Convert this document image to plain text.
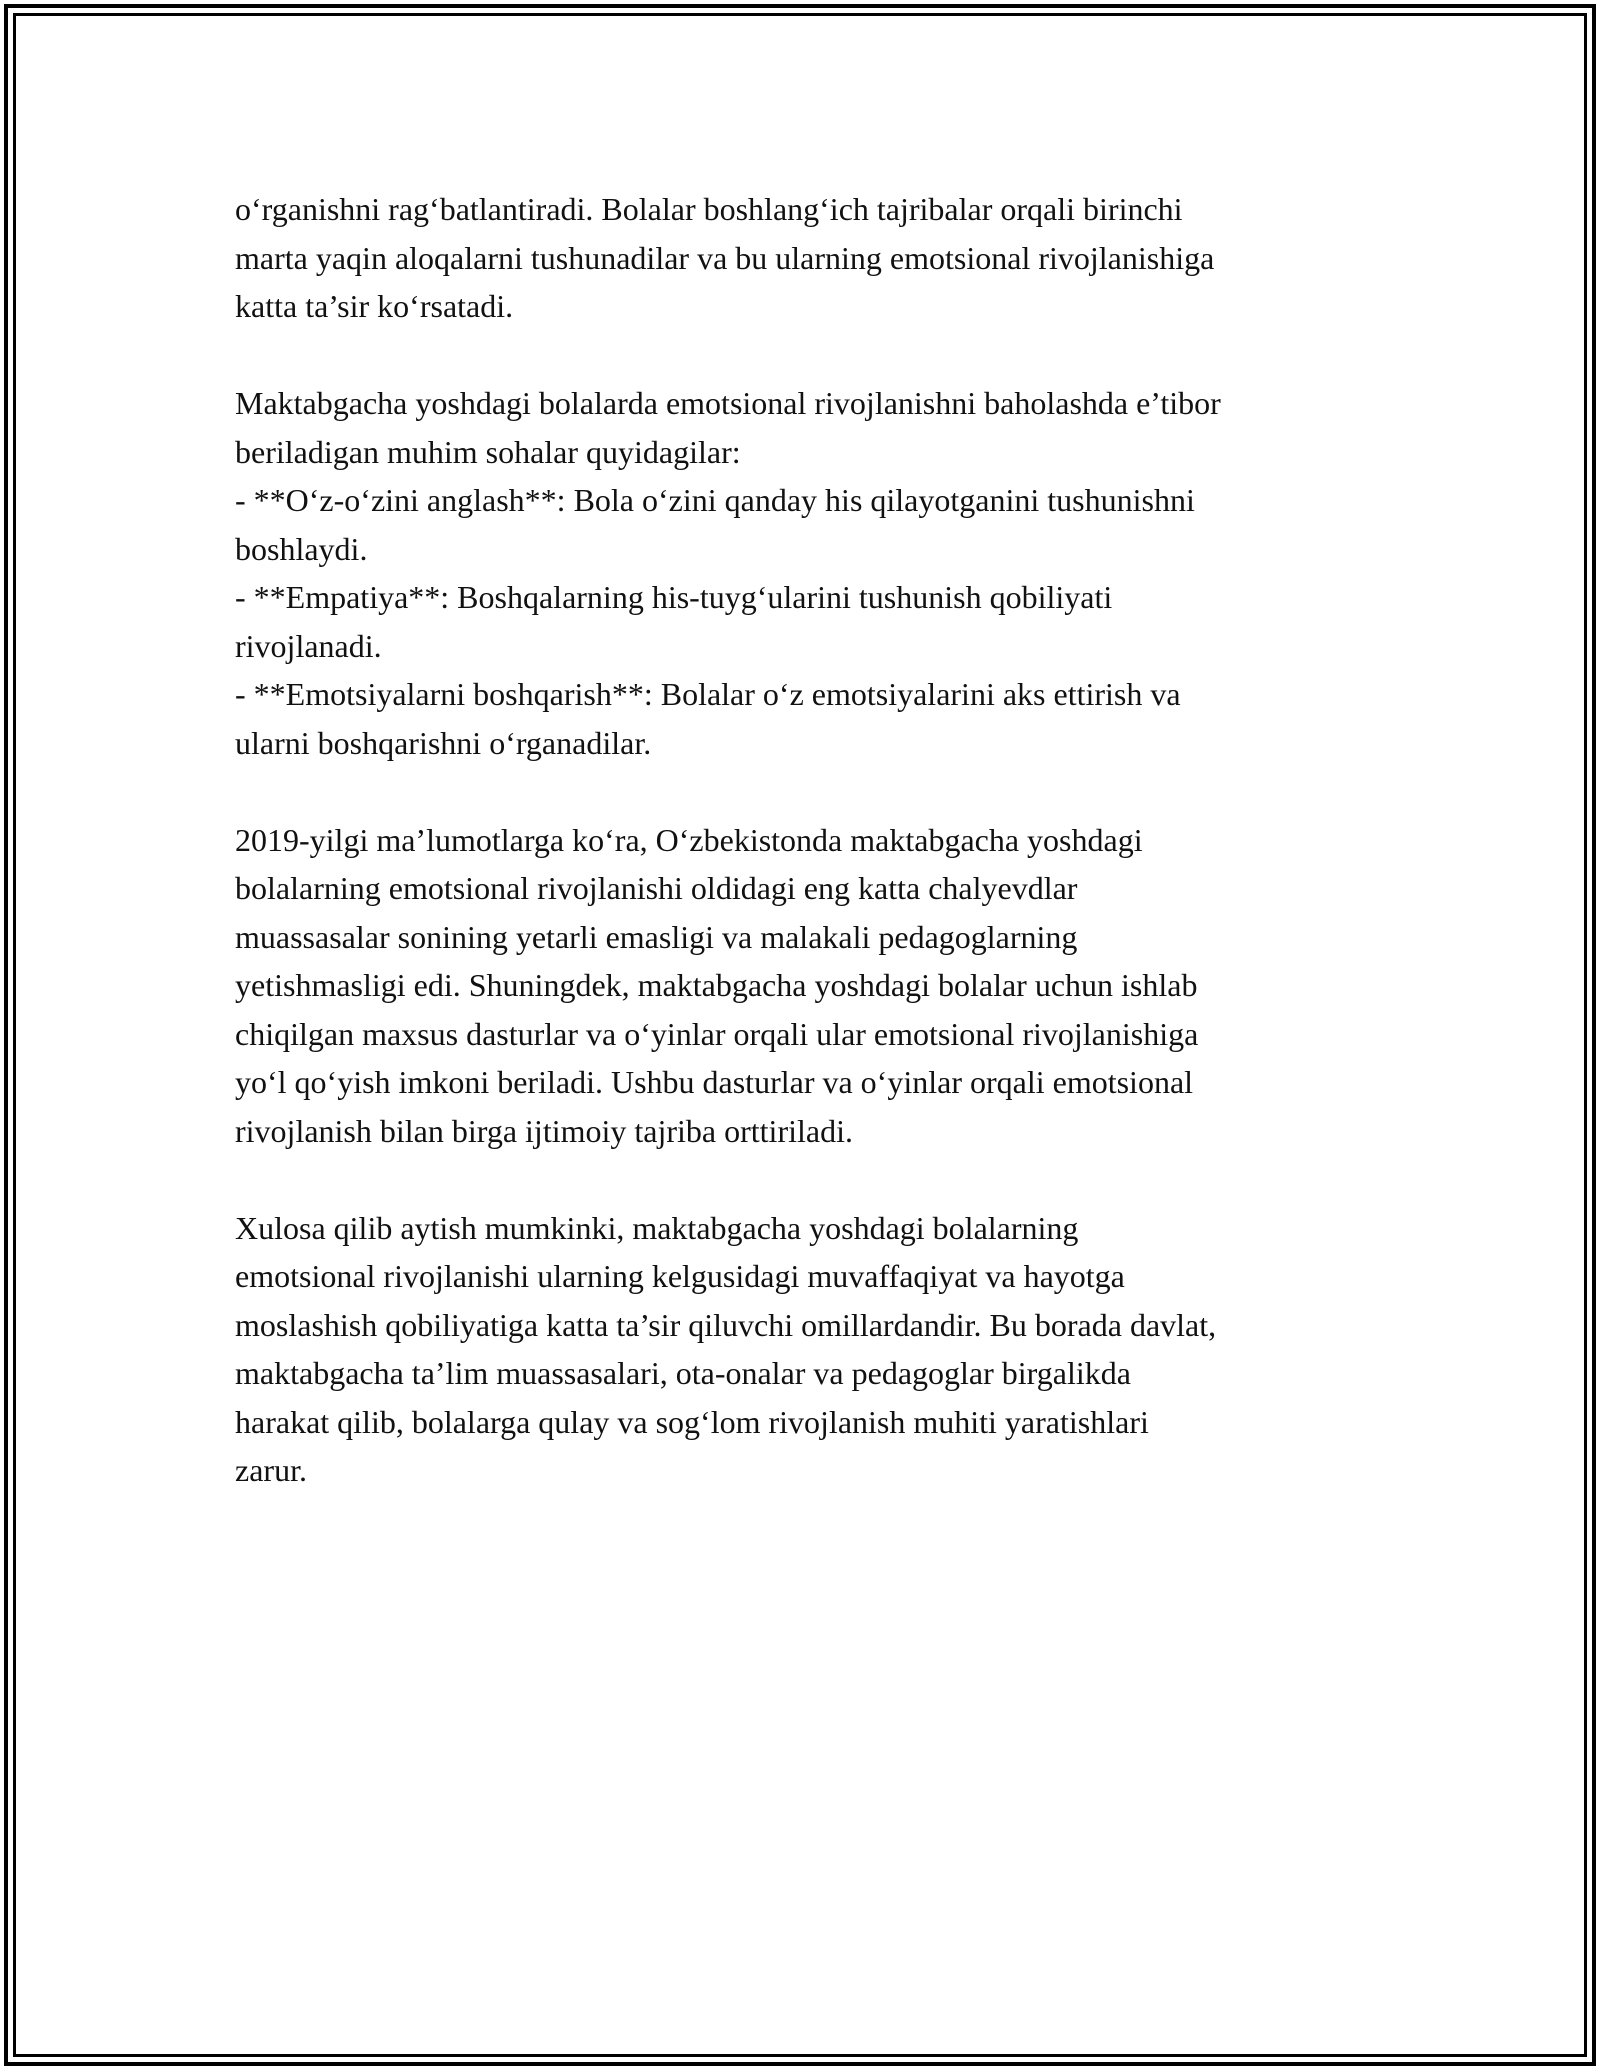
o‘rganishni rag‘batlantiradi. Bolalar boshlang‘ich tajribalar orqali birinchi
marta yaqin aloqalarni tushunadilar va bu ularning emotsional rivojlanishiga
katta ta’sir ko‘rsatadi.

Maktabgacha yoshdagi bolalarda emotsional rivojlanishni baholashda e’tibor
beriladigan muhim sohalar quyidagilar:
- **O‘z-o‘zini anglash**: Bola o‘zini qanday his qilayotganini tushunishni
boshlaydi.
- **Empatiya**: Boshqalarning his-tuyg‘ularini tushunish qobiliyati
rivojlanadi.
- **Emotsiyalarni boshqarish**: Bolalar o‘z emotsiyalarini aks ettirish va
ularni boshqarishni o‘rganadilar.

2019-yilgi ma’lumotlarga ko‘ra, O‘zbekistonda maktabgacha yoshdagi
bolalarning emotsional rivojlanishi oldidagi eng katta chalyevdlar
muassasalar sonining yetarli emasligi va malakali pedagoglarning
yetishmasligi edi. Shuningdek, maktabgacha yoshdagi bolalar uchun ishlab
chiqilgan maxsus dasturlar va o‘yinlar orqali ular emotsional rivojlanishiga
yo‘l qo‘yish imkoni beriladi. Ushbu dasturlar va o‘yinlar orqali emotsional
rivojlanish bilan birga ijtimoiy tajriba orttiriladi.

Xulosa qilib aytish mumkinki, maktabgacha yoshdagi bolalarning
emotsional rivojlanishi ularning kelgusidagi muvaffaqiyat va hayotga
moslashish qobiliyatiga katta ta’sir qiluvchi omillardandir. Bu borada davlat,
maktabgacha ta’lim muassasalari, ota-onalar va pedagoglar birgalikda
harakat qilib, bolalarga qulay va sog‘lom rivojlanish muhiti yaratishlari
zarur.
